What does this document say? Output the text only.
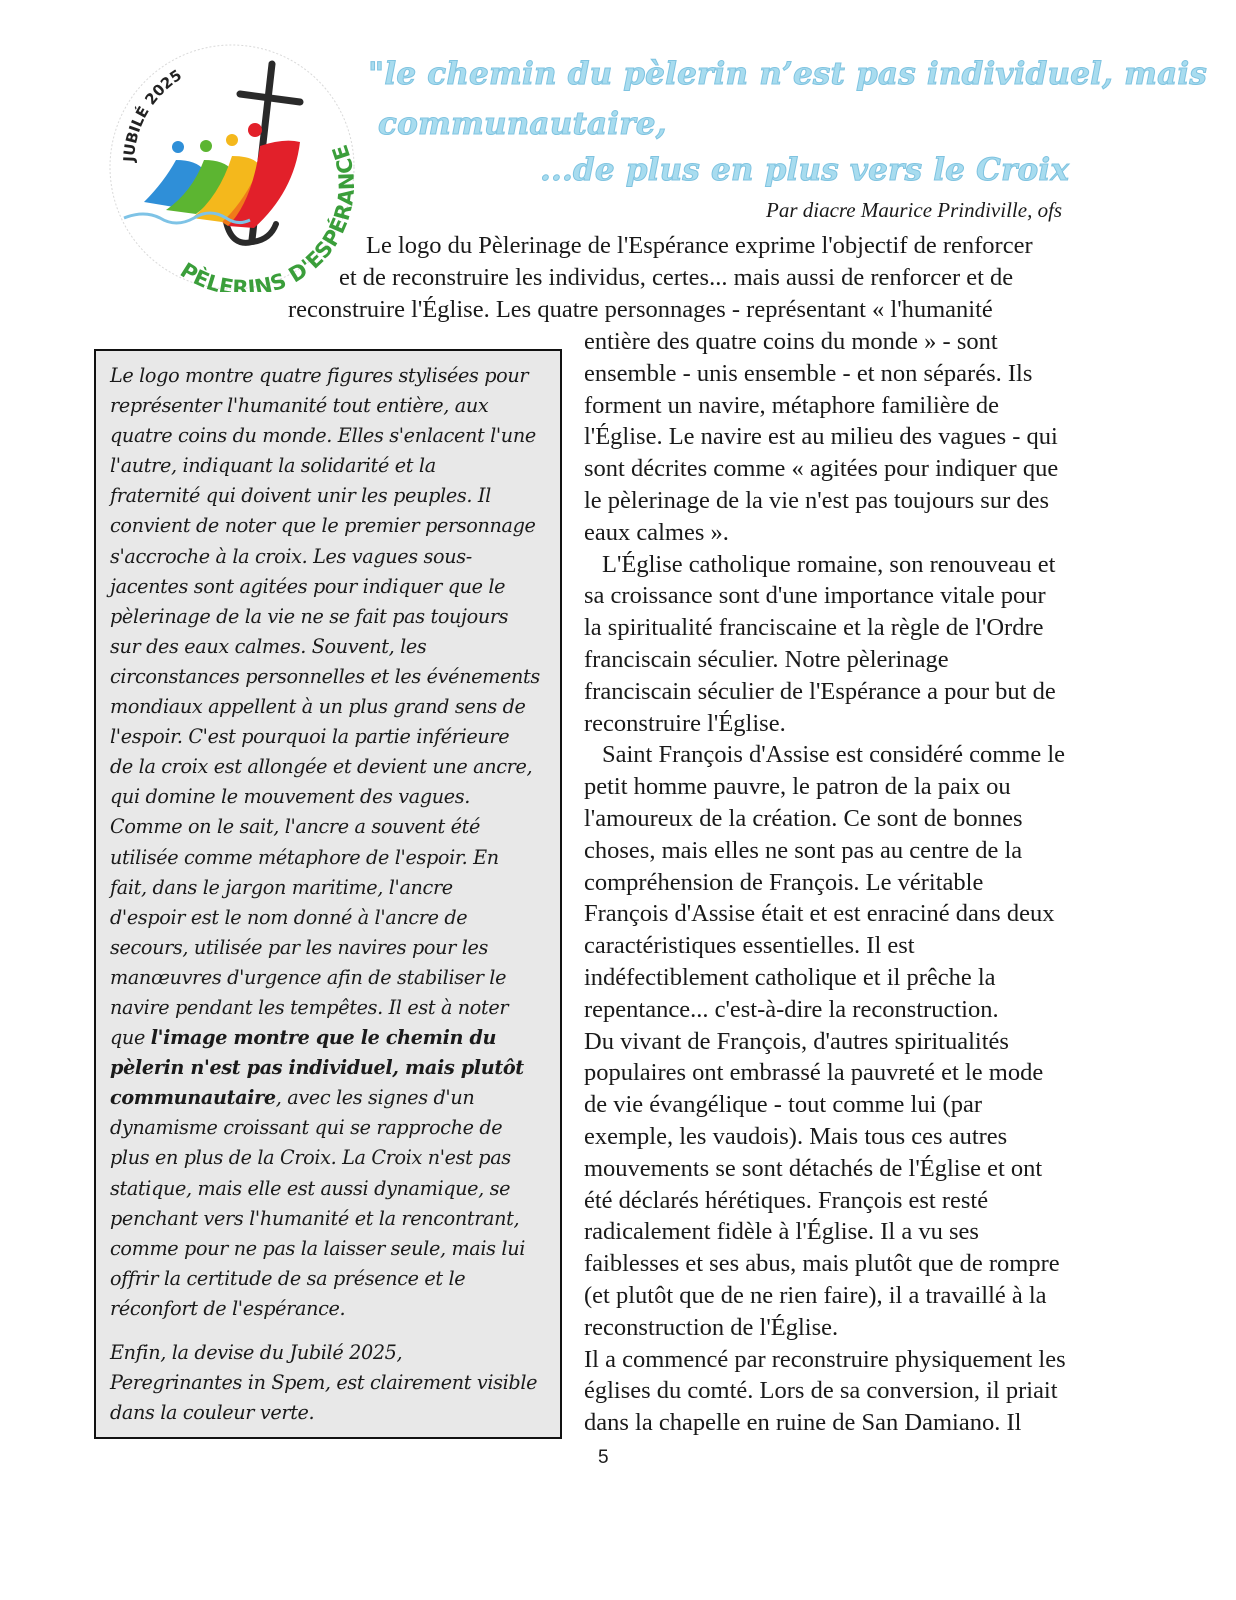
JUBILÉ 2025
PÈLERINS D'ESPÉRANCE
"le chemin du pèlerin n’est pas individuel, mais
communautaire,
...de plus en plus vers le Croix
Par diacre Maurice Prindiville, ofs
Le logo du Pèlerinage de l'Espérance exprime l'objectif de renforcer
et de reconstruire les individus, certes... mais aussi de renforcer et de
reconstruire l'Église. Les quatre personnages - représentant « l'humanité

Le logo montre quatre figures stylisées pour

représenter l'humanité tout entière, aux

quatre coins du monde. Elles s'enlacent l'une

l'autre, indiquant la solidarité et la

fraternité qui doivent unir les peuples. Il

convient de noter que le premier personnage

s'accroche à la croix. Les vagues sous-

jacentes sont agitées pour indiquer que le

pèlerinage de la vie ne se fait pas toujours

sur des eaux calmes. Souvent, les

circonstances personnelles et les événements

mondiaux appellent à un plus grand sens de

l'espoir. C'est pourquoi la partie inférieure

de la croix est allongée et devient une ancre,

qui domine le mouvement des vagues.

Comme on le sait, l'ancre a souvent été

utilisée comme métaphore de l'espoir. En

fait, dans le jargon maritime, l'ancre

d'espoir est le nom donné à l'ancre de

secours, utilisée par les navires pour les

manœuvres d'urgence afin de stabiliser le

navire pendant les tempêtes. Il est à noter

que l'image montre que le chemin du

pèlerin n'est pas individuel, mais plutôt

communautaire, avec les signes d'un

dynamisme croissant qui se rapproche de

plus en plus de la Croix. La Croix n'est pas

statique, mais elle est aussi dynamique, se

penchant vers l'humanité et la rencontrant,

comme pour ne pas la laisser seule, mais lui

offrir la certitude de sa présence et le

réconfort de l'espérance.

Enfin, la devise du Jubilé 2025,

Peregrinantes in Spem, est clairement visible

dans la couleur verte.

entière des quatre coins du monde » - sont
ensemble - unis ensemble - et non séparés. Ils
forment un navire, métaphore familière de
l'Église. Le navire est au milieu des vagues - qui
sont décrites comme « agitées pour indiquer que
le pèlerinage de la vie n'est pas toujours sur des
eaux calmes ».
L'Église catholique romaine, son renouveau et
sa croissance sont d'une importance vitale pour
la spiritualité franciscaine et la règle de l'Ordre
franciscain séculier. Notre pèlerinage
franciscain séculier de l'Espérance a pour but de
reconstruire l'Église.
Saint François d'Assise est considéré comme le
petit homme pauvre, le patron de la paix ou
l'amoureux de la création. Ce sont de bonnes
choses, mais elles ne sont pas au centre de la
compréhension de François. Le véritable
François d'Assise était et est enraciné dans deux
caractéristiques essentielles. Il est
indéfectiblement catholique et il prêche la
repentance... c'est-à-dire la reconstruction.
Du vivant de François, d'autres spiritualités
populaires ont embrassé la pauvreté et le mode
de vie évangélique - tout comme lui (par
exemple, les vaudois). Mais tous ces autres
mouvements se sont détachés de l'Église et ont
été déclarés hérétiques. François est resté
radicalement fidèle à l'Église. Il a vu ses
faiblesses et ses abus, mais plutôt que de rompre
(et plutôt que de ne rien faire), il a travaillé à la
reconstruction de l'Église.
Il a commencé par reconstruire physiquement les
églises du comté. Lors de sa conversion, il priait
dans la chapelle en ruine de San Damiano. Il
5
